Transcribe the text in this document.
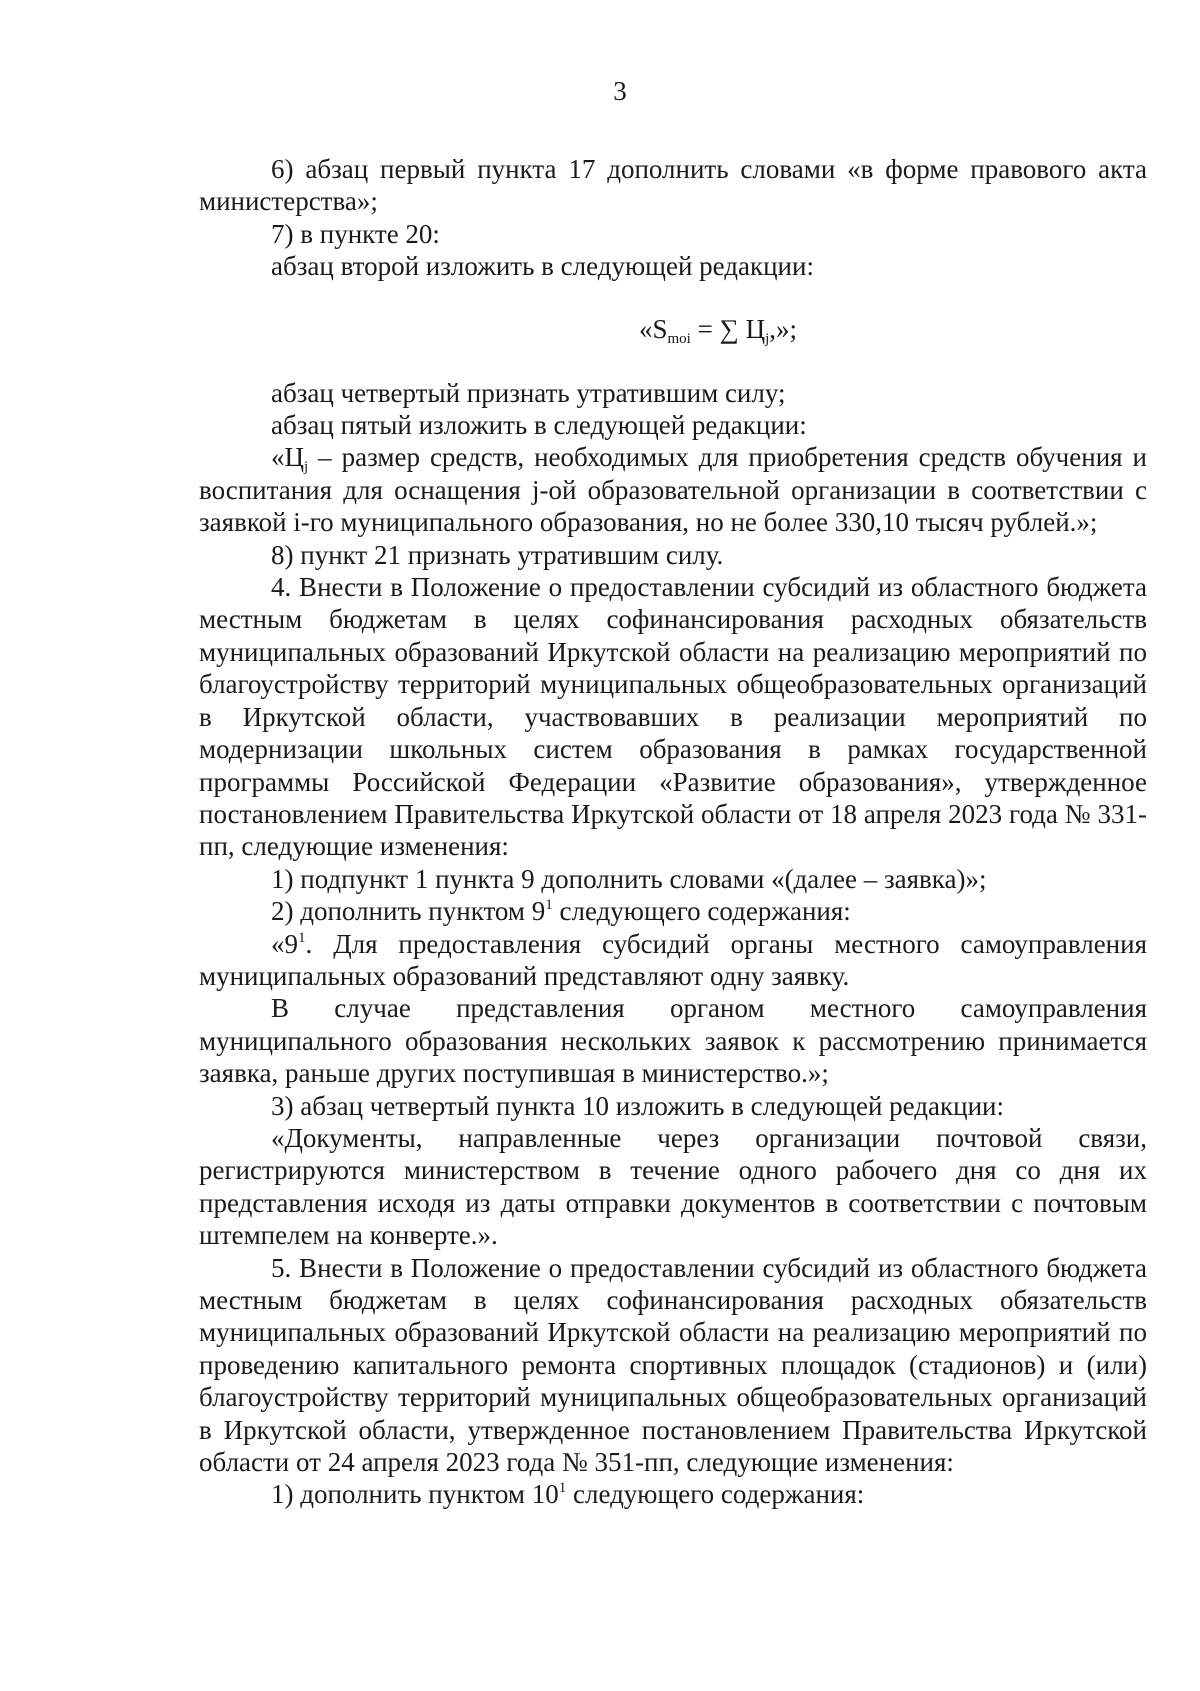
3

6) абзац первый пункта 17 дополнить словами «в форме правового акта министерства»;

7) в пункте 20:

абзац второй изложить в следующей редакции:

«$S_{moi}$ = ∑ $Ц_j$,»;

абзац четвертый признать утратившим силу;

абзац пятый изложить в следующей редакции:

«$Ц_j$ – размер средств, необходимых для приобретения средств обучения и воспитания для оснащения j-ой образовательной организации в соответствии с заявкой i-го муниципального образования, но не более 330,10 тысяч рублей.»;

8) пункт 21 признать утратившим силу.

4. Внести в Положение о предоставлении субсидий из областного бюджета местным бюджетам в целях софинансирования расходных обязательств муниципальных образований Иркутской области на реализацию мероприятий по благоустройству территорий муниципальных общеобразовательных организаций в Иркутской области, участвовавших в реализации мероприятий по модернизации школьных систем образования в рамках государственной программы Российской Федерации «Развитие образования», утвержденное постановлением Правительства Иркутской области от 18 апреля 2023 года № 331-пп, следующие изменения:

1) подпункт 1 пункта 9 дополнить словами «(далее – заявка)»;

2) дополнить пунктом $9^1$ следующего содержания:

«$9^1$. Для предоставления субсидий органы местного самоуправления муниципальных образований представляют одну заявку.

В случае представления органом местного самоуправления муниципального образования нескольких заявок к рассмотрению принимается заявка, раньше других поступившая в министерство.»;

3) абзац четвертый пункта 10 изложить в следующей редакции:

«Документы, направленные через организации почтовой связи, регистрируются министерством в течение одного рабочего дня со дня их представления исходя из даты отправки документов в соответствии с почтовым штемпелем на конверте.».

5. Внести в Положение о предоставлении субсидий из областного бюджета местным бюджетам в целях софинансирования расходных обязательств муниципальных образований Иркутской области на реализацию мероприятий по проведению капитального ремонта спортивных площадок (стадионов) и (или) благоустройству территорий муниципальных общеобразовательных организаций в Иркутской области, утвержденное постановлением Правительства Иркутской области от 24 апреля 2023 года № 351-пп, следующие изменения:

1) дополнить пунктом $10^1$ следующего содержания:
